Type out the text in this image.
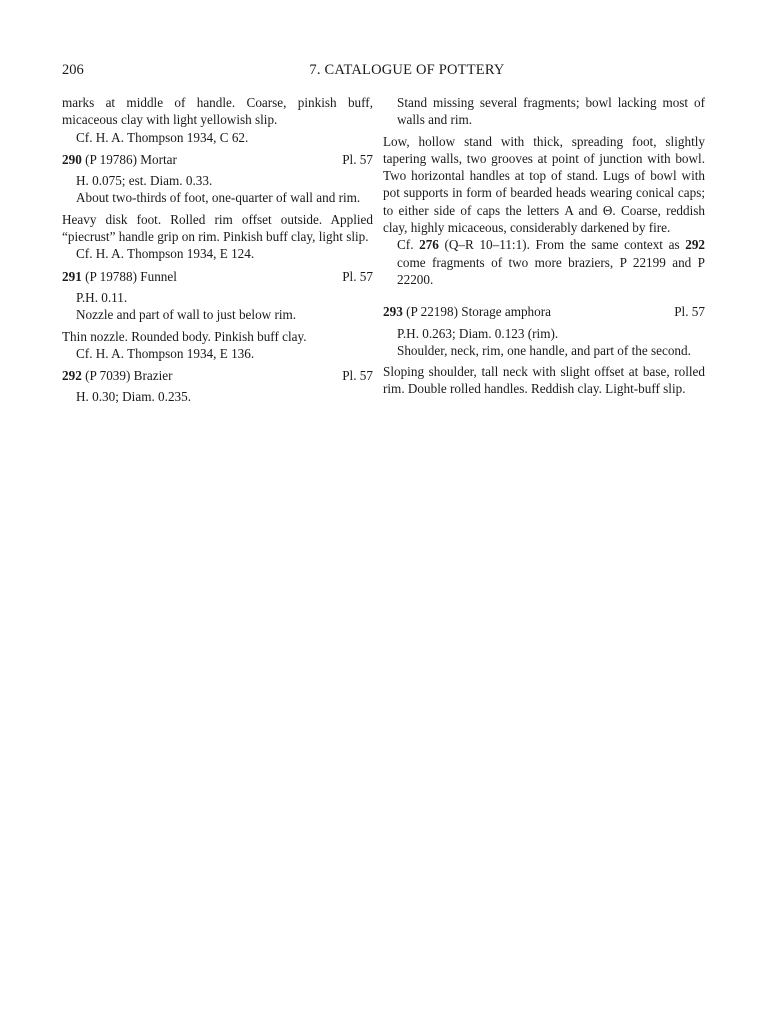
206	7. CATALOGUE OF POTTERY

marks at middle of handle. Coarse, pinkish buff, micaceous clay with light yellowish slip.

Cf. H. A. Thompson 1934, C 62.

290 (P 19786) Mortar	Pl. 57

H. 0.075; est. Diam. 0.33.

About two-thirds of foot, one-quarter of wall and rim.

Heavy disk foot. Rolled rim offset outside. Applied “piecrust” handle grip on rim. Pinkish buff clay, light slip.

Cf. H. A. Thompson 1934, E 124.

291 (P 19788) Funnel	Pl. 57

P.H. 0.11.

Nozzle and part of wall to just below rim.

Thin nozzle. Rounded body. Pinkish buff clay.

Cf. H. A. Thompson 1934, E 136.

292 (P 7039) Brazier	Pl. 57

H. 0.30; Diam. 0.235.

Stand missing several fragments; bowl lacking most of walls and rim.

Low, hollow stand with thick, spreading foot, slightly tapering walls, two grooves at point of junction with bowl. Two horizontal handles at top of stand. Lugs of bowl with pot supports in form of bearded heads wearing conical caps; to either side of caps the letters Α and Θ. Coarse, reddish clay, highly micaceous, considerably darkened by fire.

Cf. 276 (Q–R 10–11:1). From the same context as 292 come fragments of two more braziers, P 22199 and P 22200.

293 (P 22198) Storage amphora	Pl. 57

P.H. 0.263; Diam. 0.123 (rim).

Shoulder, neck, rim, one handle, and part of the second.

Sloping shoulder, tall neck with slight offset at base, rolled rim. Double rolled handles. Reddish clay. Light-buff slip.
